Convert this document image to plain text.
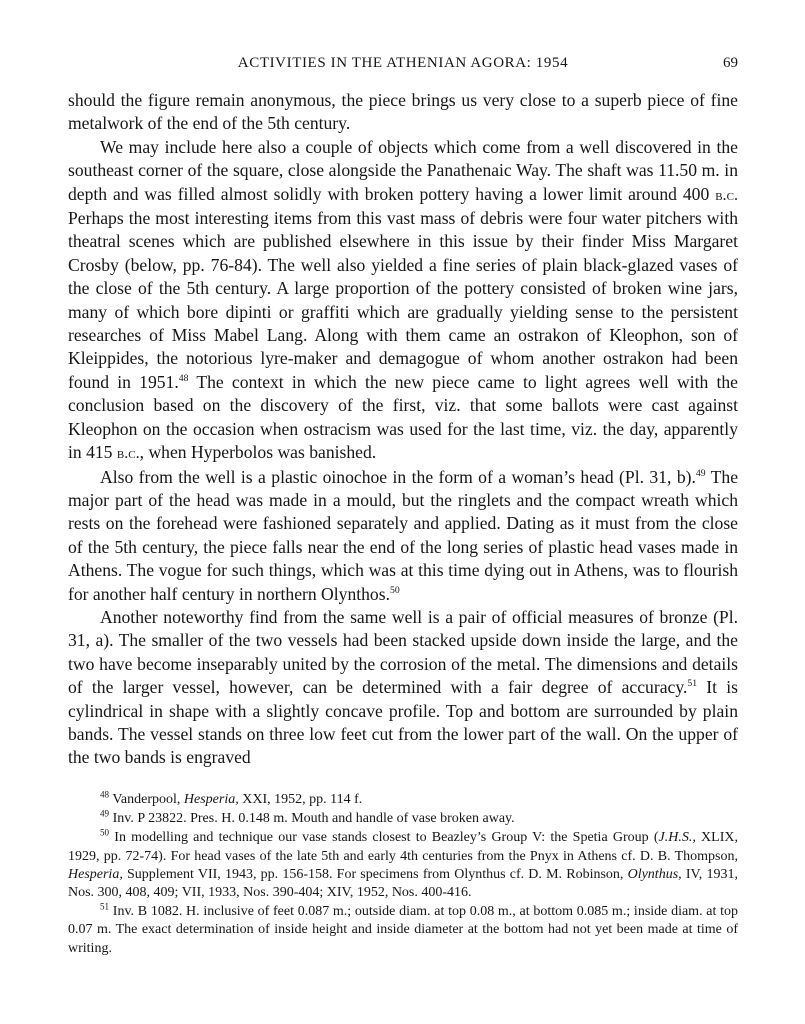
ACTIVITIES IN THE ATHENIAN AGORA: 1954	69

should the figure remain anonymous, the piece brings us very close to a superb piece of fine metalwork of the end of the 5th century.

We may include here also a couple of objects which come from a well discovered in the southeast corner of the square, close alongside the Panathenaic Way. The shaft was 11.50 m. in depth and was filled almost solidly with broken pottery having a lower limit around 400 b.c. Perhaps the most interesting items from this vast mass of debris were four water pitchers with theatral scenes which are published elsewhere in this issue by their finder Miss Margaret Crosby (below, pp. 76-84). The well also yielded a fine series of plain black-glazed vases of the close of the 5th century. A large proportion of the pottery consisted of broken wine jars, many of which bore dipinti or graffiti which are gradually yielding sense to the persistent researches of Miss Mabel Lang. Along with them came an ostrakon of Kleophon, son of Kleippides, the notorious lyre-maker and demagogue of whom another ostrakon had been found in 1951.48 The context in which the new piece came to light agrees well with the conclusion based on the discovery of the first, viz. that some ballots were cast against Kleophon on the occasion when ostracism was used for the last time, viz. the day, apparently in 415 b.c., when Hyperbolos was banished.

Also from the well is a plastic oinochoe in the form of a woman’s head (Pl. 31, b).$^{49}$ The major part of the head was made in a mould, but the ringlets and the compact wreath which rests on the forehead were fashioned separately and applied. Dating as it must from the close of the 5th century, the piece falls near the end of the long series of plastic head vases made in Athens. The vogue for such things, which was at this time dying out in Athens, was to flourish for another half century in northern Olynthos.$^{50}$

Another noteworthy find from the same well is a pair of official measures of bronze (Pl. 31, a). The smaller of the two vessels had been stacked upside down inside the large, and the two have become inseparably united by the corrosion of the metal. The dimensions and details of the larger vessel, however, can be determined with a fair degree of accuracy.$^{51}$ It is cylindrical in shape with a slightly concave profile. Top and bottom are surrounded by plain bands. The vessel stands on three low feet cut from the lower part of the wall. On the upper of the two bands is engraved

$^{48}$ Vanderpool, Hesperia, XXI, 1952, pp. 114 f.

$^{49}$ Inv. P 23822. Pres. H. 0.148 m. Mouth and handle of vase broken away.

$^{50}$ In modelling and technique our vase stands closest to Beazley’s Group V: the Spetia Group (J.H.S., XLIX, 1929, pp. 72-74). For head vases of the late 5th and early 4th centuries from the Pnyx in Athens cf. D. B. Thompson, Hesperia, Supplement VII, 1943, pp. 156-158. For specimens from Olynthus cf. D. M. Robinson, Olynthus, IV, 1931, Nos. 300, 408, 409; VII, 1933, Nos. 390-404; XIV, 1952, Nos. 400-416.

$^{51}$ Inv. B 1082. H. inclusive of feet 0.087 m.; outside diam. at top 0.08 m., at bottom 0.085 m.; inside diam. at top 0.07 m. The exact determination of inside height and inside diameter at the bottom had not yet been made at time of writing.
